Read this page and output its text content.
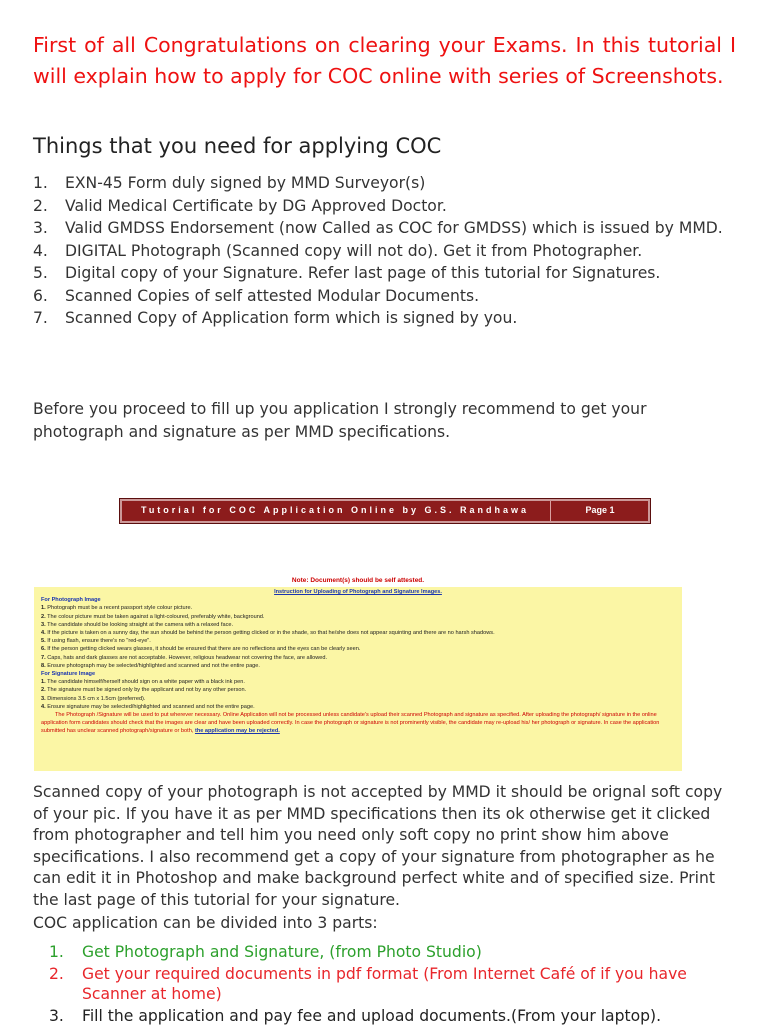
First of all Congratulations on clearing your Exams. In this tutorial I will explain how to apply for COC online with series of Screenshots.

Things that you need for applying COC
1.	EXN-45 Form duly signed by MMD Surveyor(s)
2.	Valid Medical Certificate by DG Approved Doctor.
3.	Valid GMDSS Endorsement (now Called as COC for GMDSS) which is issued by MMD.
4.	DIGITAL Photograph (Scanned copy will not do). Get it from Photographer.
5.	Digital copy of your Signature. Refer last page of this tutorial for Signatures.
6.	Scanned Copies of self attested Modular Documents.
7.	Scanned Copy of Application form which is signed by you.

Before you proceed to fill up you application I strongly recommend to get your photograph and signature as per MMD specifications.

Tutorial for COC Application Online by G.S. Randhawa	Page 1
Note: Document(s) should be self attested.
Instruction for Uploading of Photograph and Signature Images.
For Photograph Image
1. Photograph must be a recent passport style colour picture.
2. The colour picture must be taken against a light-coloured, preferably white, background.
3. The candidate should be looking straight at the camera with a relaxed face.
4. If the picture is taken on a sunny day, the sun should be behind the person getting clicked or in the shade, so that he/she does not appear squinting and there are no harsh shadows.
5. If using flash, ensure there's no "red-eye".
6. If the person getting clicked wears glasses, it should be ensured that there are no reflections and the eyes can be clearly seen.
7. Caps, hats and dark glasses are not acceptable. However, religious headwear not covering the face, are allowed.
8. Ensure photograph may be selected/highlighted and scanned and not the entire page.
For Signature Image
1. The candidate himself/herself should sign on a white paper with a black ink pen.
2. The signature must be signed only by the applicant and not by any other person.
3. Dimensions 3.5 cm x 1.5cm (preferred).
4. Ensure signature may be selected/highlighted and scanned and not the entire page.
The Photograph /Signature will be used to put wherever necessary. Online Application will not be processed unless candidate's upload their scanned Photograph and signature as specified. After uploading the photograph/ signature in the online application form candidates should check that the images are clear and have been uploaded correctly. In case the photograph or signature is not prominently visible, the candidate may re-upload his/ her photograph or signature. In case the application submitted has unclear scanned photograph/signature or both, the application may be rejected.

Scanned copy of your photograph is not accepted by MMD it should be orignal soft copy of your pic. If you have it as per MMD specifications then its ok otherwise get it clicked from photographer and tell him you need only soft copy no print show him above specifications. I also recommend get a copy of your signature from photographer as he can edit it in Photoshop and make background perfect white and of specified size. Print the last page of this tutorial for your signature.

COC application can be divided into 3 parts:

1. Get Photograph and Signature, (from Photo Studio)
2. Get your required documents in pdf format (From Internet Café of if you have Scanner at home)
3. Fill the application and pay fee and upload documents.(From your laptop).
